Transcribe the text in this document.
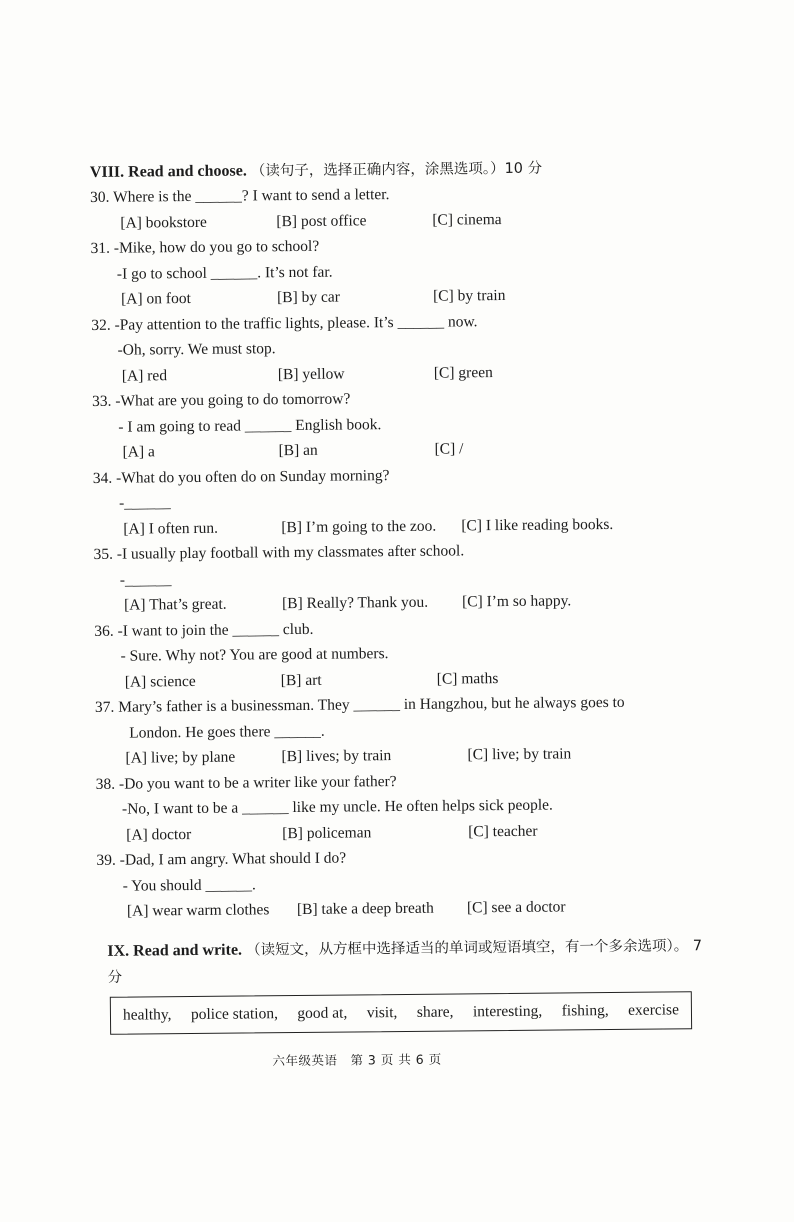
VIII. Read and choose. （读句子，选择正确内容，涂黑选项。）10 分
30. Where is the ______? I want to send a letter.
[A] bookstore	[B] post office	[C] cinema
31. -Mike, how do you go to school?
-I go to school ______. It’s not far.
[A] on foot	[B] by car	[C] by train
32. -Pay attention to the traffic lights, please. It’s ______ now.
-Oh, sorry. We must stop.
[A] red	[B] yellow	[C] green
33. -What are you going to do tomorrow?
- I am going to read ______ English book.
[A] a	[B] an	[C] /
34. -What do you often do on Sunday morning?
-______
[A] I often run.	[B] I’m going to the zoo.	[C] I like reading books.
35. -I usually play football with my classmates after school.
-______
[A] That’s great.	[B] Really? Thank you.	[C] I’m so happy.
36. -I want to join the ______ club.
- Sure. Why not? You are good at numbers.
[A] science	[B] art	[C] maths
37. Mary’s father is a businessman. They ______ in Hangzhou, but he always goes to
London. He goes there ______.
[A] live; by plane	[B] lives; by train	[C] live; by train
38. -Do you want to be a writer like your father?
-No, I want to be a ______ like my uncle. He often helps sick people.
[A] doctor	[B] policeman	[C] teacher
39. -Dad, I am angry. What should I do?
- You should ______.
[A] wear warm clothes	[B] take a deep breath	[C] see a doctor
IX. Read and write. （读短文，从方框中选择适当的单词或短语填空，有一个多余选项）。 7 分
healthy, police station, good at, visit, share, interesting, fishing, exercise
六年级英语　第 3 页 共 6 页
